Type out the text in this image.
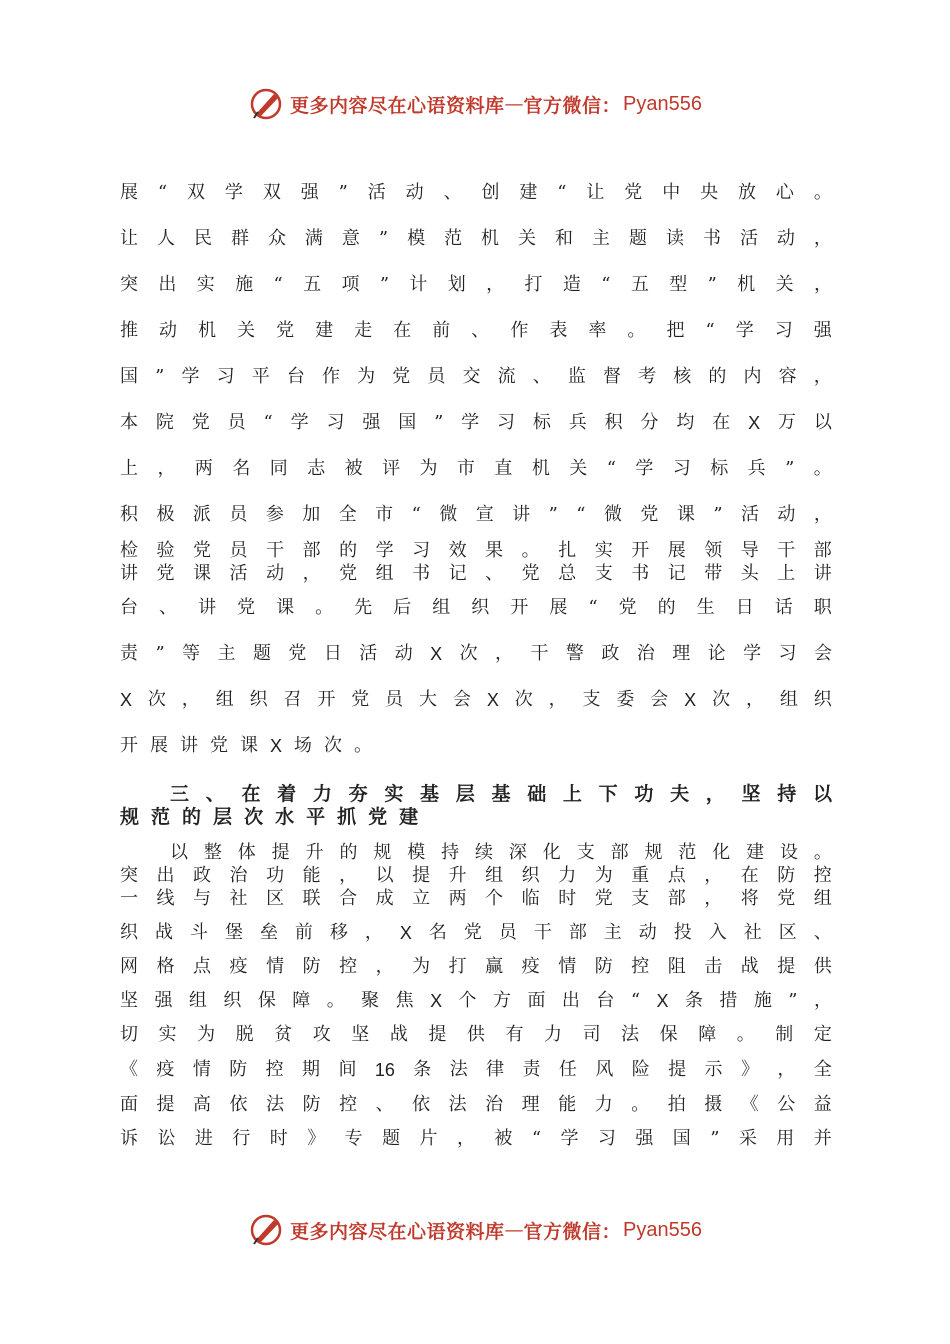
更多内容尽在心语资料库 — 官方微信： Pyan556
展 “ 双 学 双 强 ” 活 动 、 创 建 “ 让 党 中 央 放 心 。
让 人 民 群 众 满 意 ” 模 范 机 关 和 主 题 读 书 活 动 ，
突 出 实 施 “ 五 项 ” 计 划 ， 打 造 “ 五 型 ” 机 关 ，
推 动 机 关 党 建 走 在 前 、 作 表 率 。 把 “ 学 习 强
国 ” 学 习 平 台 作 为 党 员 交 流 、 监 督 考 核 的 内 容 ，
本 院 党 员 “ 学 习 强 国 ” 学 习 标 兵 积 分 均 在 X 万 以
上 ， 两 名 同 志 被 评 为 市 直 机 关 “ 学 习 标 兵 ” 。
积 极 派 员 参 加 全 市 “ 微 宣 讲 ” “ 微 党 课 ” 活 动 ，
检 验 党 员 干 部 的 学 习 效 果 。 扎 实 开 展 领 导 干 部
讲 党 课 活 动 ， 党 组 书 记 、 党 总 支 书 记 带 头 上 讲
台 、 讲 党 课 。 先 后 组 织 开 展 “ 党 的 生 日 话 职
责 ” 等 主 题 党 日 活 动 X 次 ， 干 警 政 治 理 论 学 习 会
X 次 ， 组 织 召 开 党 员 大 会 X 次 ， 支 委 会 X 次 ， 组 织
开 展 讲 党 课 X 场 次 。
三 、 在 着 力 夯 实 基 层 基 础 上 下 功 夫 ， 坚 持 以
规 范 的 层 次 水 平 抓 党 建
以 整 体 提 升 的 规 模 持 续 深 化 支 部 规 范 化 建 设 。
突 出 政 治 功 能 ， 以 提 升 组 织 力 为 重 点 ， 在 防 控
一 线 与 社 区 联 合 成 立 两 个 临 时 党 支 部 ， 将 党 组
织 战 斗 堡 垒 前 移 ， X 名 党 员 干 部 主 动 投 入 社 区 、
网 格 点 疫 情 防 控 ， 为 打 赢 疫 情 防 控 阻 击 战 提 供
坚 强 组 织 保 障 。 聚 焦 X 个 方 面 出 台 “ X 条 措 施 ” ，
切 实 为 脱 贫 攻 坚 战 提 供 有 力 司 法 保 障 。 制 定
《 疫 情 防 控 期 间 16 条 法 律 责 任 风 险 提 示 》 ， 全
面 提 高 依 法 防 控 、 依 法 治 理 能 力 。 拍 摄 《 公 益
诉 讼 进 行 时 》 专 题 片 ， 被 “ 学 习 强 国 ” 采 用 并
更多内容尽在心语资料库 — 官方微信： Pyan556
